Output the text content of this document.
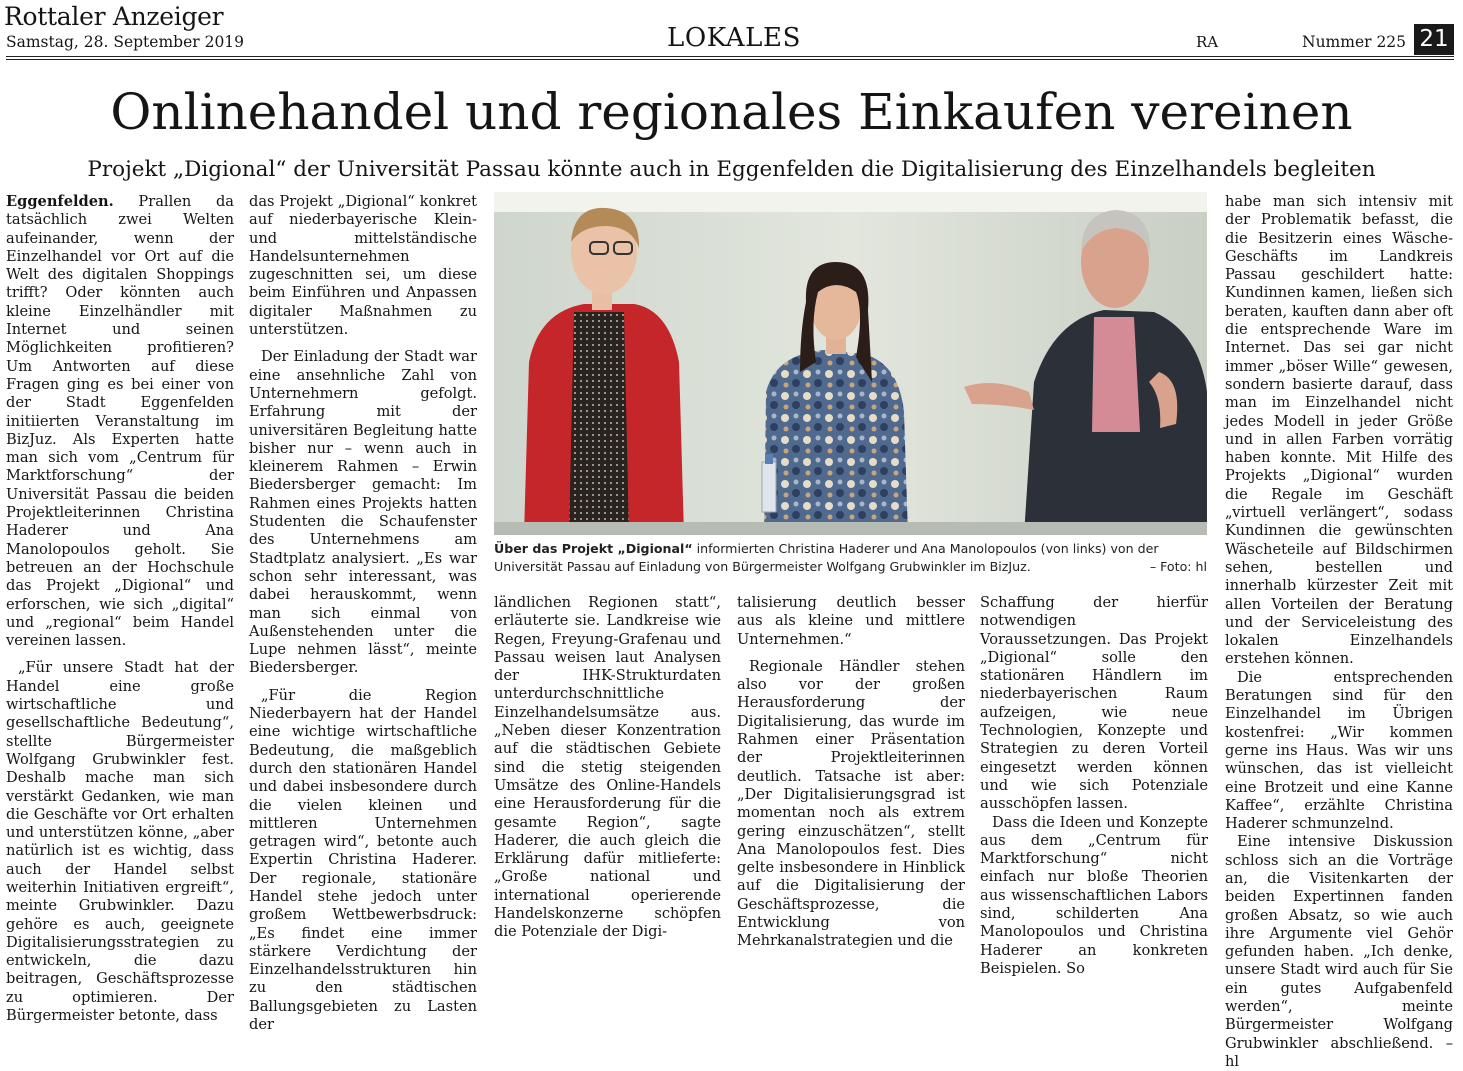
Rottaler Anzeiger
Samstag, 28. September 2019	LOKALES	RA	Nummer 225 21
Onlinehandel und regionales Einkaufen vereinen
Projekt „Digional“ der Universität Passau könnte auch in Eggenfelden die Digitalisierung des Einzelhandels begleiten

Eggenfelden. Prallen da tatsächlich zwei Welten aufeinander, wenn der Einzelhandel vor Ort auf die Welt des digitalen Shoppings trifft? Oder könnten auch kleine Einzelhändler mit Internet und seinen Möglichkeiten profitieren? Um Antworten auf diese Fragen ging es bei einer von der Stadt Eggenfelden initiierten Veranstaltung im BizJuz. Als Experten hatte man sich vom „Centrum für Marktforschung“ der Universität Passau die beiden Projektleiterinnen Christina Haderer und Ana Manolopoulos geholt. Sie betreuen an der Hochschule das Projekt „Digional“ und erforschen, wie sich „digital“ und „regional“ beim Handel vereinen lassen.

„Für unsere Stadt hat der Handel eine große wirtschaftliche und gesellschaftliche Bedeutung“, stellte Bürgermeister Wolfgang Grubwinkler fest. Deshalb mache man sich verstärkt Gedanken, wie man die Geschäfte vor Ort erhalten und unterstützen könne, „aber natürlich ist es wichtig, dass auch der Handel selbst weiterhin Initiativen ergreift“, meinte Grubwinkler. Dazu gehöre es auch, geeignete Digitalisierungsstrategien zu entwickeln, die dazu beitragen, Geschäftsprozesse zu optimieren. Der Bürgermeister betonte, dass

das Projekt „Digional“ konkret auf niederbayerische Klein- und mittelständische Handelsunternehmen zugeschnitten sei, um diese beim Einführen und Anpassen digitaler Maßnahmen zu unterstützen.

Der Einladung der Stadt war eine ansehnliche Zahl von Unternehmern gefolgt. Erfahrung mit der universitären Begleitung hatte bisher nur – wenn auch in kleinerem Rahmen – Erwin Biedersberger gemacht: Im Rahmen eines Projekts hatten Studenten die Schaufenster des Unternehmens am Stadtplatz analysiert. „Es war schon sehr interessant, was dabei herauskommt, wenn man sich einmal von Außenstehenden unter die Lupe nehmen lässt“, meinte Biedersberger.

„Für die Region Niederbayern hat der Handel eine wichtige wirtschaftliche Bedeutung, die maßgeblich durch den stationären Handel und dabei insbesondere durch die vielen kleinen und mittleren Unternehmen getragen wird“, betonte auch Expertin Christina Haderer. Der regionale, stationäre Handel stehe jedoch unter großem Wettbewerbsdruck: „Es findet eine immer stärkere Verdichtung der Einzelhandelsstrukturen hin zu den städtischen Ballungsgebieten zu Lasten der

Über das Projekt „Digional“ informierten Christina Haderer und Ana Manolopoulos (von links) von der Universität Passau auf Einladung von Bürgermeister Wolfgang Grubwinkler im BizJuz.	– Foto: hl

ländlichen Regionen statt“, erläuterte sie. Landkreise wie Regen, Freyung-Grafenau und Passau weisen laut Analysen der IHK-Strukturdaten unterdurchschnittliche Einzelhandelsumsätze aus. „Neben dieser Konzentration auf die städtischen Gebiete sind die stetig steigenden Umsätze des Online-Handels eine Herausforderung für die gesamte Region“, sagte Haderer, die auch gleich die Erklärung dafür mitlieferte: „Große national und international operierende Handelskonzerne schöpfen die Potenziale der Digi-

talisierung deutlich besser aus als kleine und mittlere Unternehmen.“

Regionale Händler stehen also vor der großen Herausforderung der Digitalisierung, das wurde im Rahmen einer Präsentation der Projektleiterinnen deutlich. Tatsache ist aber: „Der Digitalisierungsgrad ist momentan noch als extrem gering einzuschätzen“, stellt Ana Manolopoulos fest. Dies gelte insbesondere in Hinblick auf die Digitalisierung der Geschäftsprozesse, die Entwicklung von Mehrkanalstrategien und die

Schaffung der hierfür notwendigen Voraussetzungen. Das Projekt „Digional“ solle den stationären Händlern im niederbayerischen Raum aufzeigen, wie neue Technologien, Konzepte und Strategien zu deren Vorteil eingesetzt werden können und wie sich Potenziale ausschöpfen lassen.

Dass die Ideen und Konzepte aus dem „Centrum für Marktforschung“ nicht einfach nur bloße Theorien aus wissenschaftlichen Labors sind, schilderten Ana Manolopoulos und Christina Haderer an konkreten Beispielen. So

habe man sich intensiv mit der Problematik befasst, die die Besitzerin eines Wäsche-Geschäfts im Landkreis Passau geschildert hatte: Kundinnen kamen, ließen sich beraten, kauften dann aber oft die entsprechende Ware im Internet. Das sei gar nicht immer „böser Wille“ gewesen, sondern basierte darauf, dass man im Einzelhandel nicht jedes Modell in jeder Größe und in allen Farben vorrätig haben konnte. Mit Hilfe des Projekts „Digional“ wurden die Regale im Geschäft „virtuell verlängert“, sodass Kundinnen die gewünschten Wäscheteile auf Bildschirmen sehen, bestellen und innerhalb kürzester Zeit mit allen Vorteilen der Beratung und der Serviceleistung des lokalen Einzelhandels erstehen können.

Die entsprechenden Beratungen sind für den Einzelhandel im Übrigen kostenfrei: „Wir kommen gerne ins Haus. Was wir uns wünschen, das ist vielleicht eine Brotzeit und eine Kanne Kaffee“, erzählte Christina Haderer schmunzelnd.

Eine intensive Diskussion schloss sich an die Vorträge an, die Visitenkarten der beiden Expertinnen fanden großen Absatz, so wie auch ihre Argumente viel Gehör gefunden haben. „Ich denke, unsere Stadt wird auch für Sie ein gutes Aufgabenfeld werden“, meinte Bürgermeister Wolfgang Grubwinkler abschließend. – hl
